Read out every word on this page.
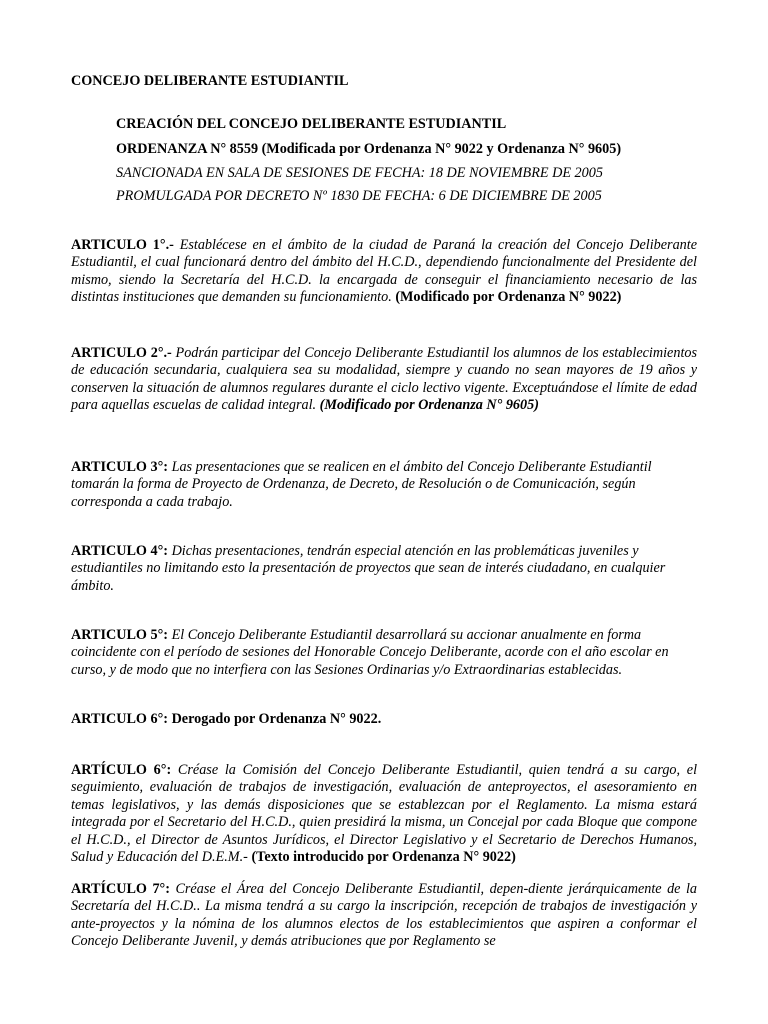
CONCEJO DELIBERANTE ESTUDIANTIL
CREACIÓN DEL CONCEJO DELIBERANTE ESTUDIANTIL
ORDENANZA N° 8559 (Modificada por Ordenanza N° 9022 y Ordenanza N° 9605)
SANCIONADA EN SALA DE SESIONES DE FECHA: 18 DE NOVIEMBRE DE 2005
PROMULGADA POR DECRETO Nº 1830 DE FECHA: 6 DE DICIEMBRE DE 2005
ARTICULO 1°.- Establécese en el ámbito de la ciudad de Paraná la creación del Concejo Deliberante Estudiantil, el cual funcionará dentro del ámbito del H.C.D., dependiendo funcionalmente del Presidente del mismo, siendo la Secretaría del H.C.D. la encargada de conseguir el financiamiento necesario de las distintas instituciones que demanden su funcionamiento. (Modificado por Ordenanza N° 9022)
ARTICULO 2°.- Podrán participar del Concejo Deliberante Estudiantil los alumnos de los establecimientos de educación secundaria, cualquiera sea su modalidad, siempre y cuando no sean mayores de 19 años y conserven la situación de alumnos regulares durante el ciclo lectivo vigente. Exceptuándose el límite de edad para aquellas escuelas de calidad integral. (Modificado por Ordenanza N° 9605)
ARTICULO 3°: Las presentaciones que se realicen en el ámbito del Concejo Deliberante Estudiantil tomarán la forma de Proyecto de Ordenanza, de Decreto, de Resolución o de Comunicación, según corresponda a cada trabajo.
ARTICULO 4°: Dichas presentaciones, tendrán especial atención en las problemáticas juveniles y estudiantiles no limitando esto la presentación de proyectos que sean de interés ciudadano, en cualquier ámbito.
ARTICULO 5°: El Concejo Deliberante Estudiantil desarrollará su accionar anualmente en forma coincidente con el período de sesiones del Honorable Concejo Deliberante, acorde con el año escolar en curso, y de modo que no interfiera con las Sesiones Ordinarias y/o Extraordinarias establecidas.
ARTICULO 6°: Derogado por Ordenanza N° 9022.
ARTÍCULO 6°: Créase la Comisión del Concejo Deliberante Estudiantil, quien tendrá a su cargo, el seguimiento, evaluación de trabajos de investigación, evaluación de anteproyectos, el asesoramiento en temas legislativos, y las demás disposiciones que se establezcan por el Reglamento. La misma estará integrada por el Secretario del H.C.D., quien presidirá la misma, un Concejal por cada Bloque que compone el H.C.D., el Director de Asuntos Jurídicos, el Director Legislativo y el Secretario de Derechos Humanos, Salud y Educación del D.E.M.- (Texto introducido por Ordenanza N° 9022)
ARTÍCULO 7°: Créase el Área del Concejo Deliberante Estudiantil, depen-diente jerárquicamente de la Secretaría del H.C.D.. La misma tendrá a su cargo la inscripción, recepción de trabajos de investigación y ante-proyectos y la nómina de los alumnos electos de los establecimientos que aspiren a conformar el Concejo Deliberante Juvenil, y demás atribuciones que por Reglamento se
